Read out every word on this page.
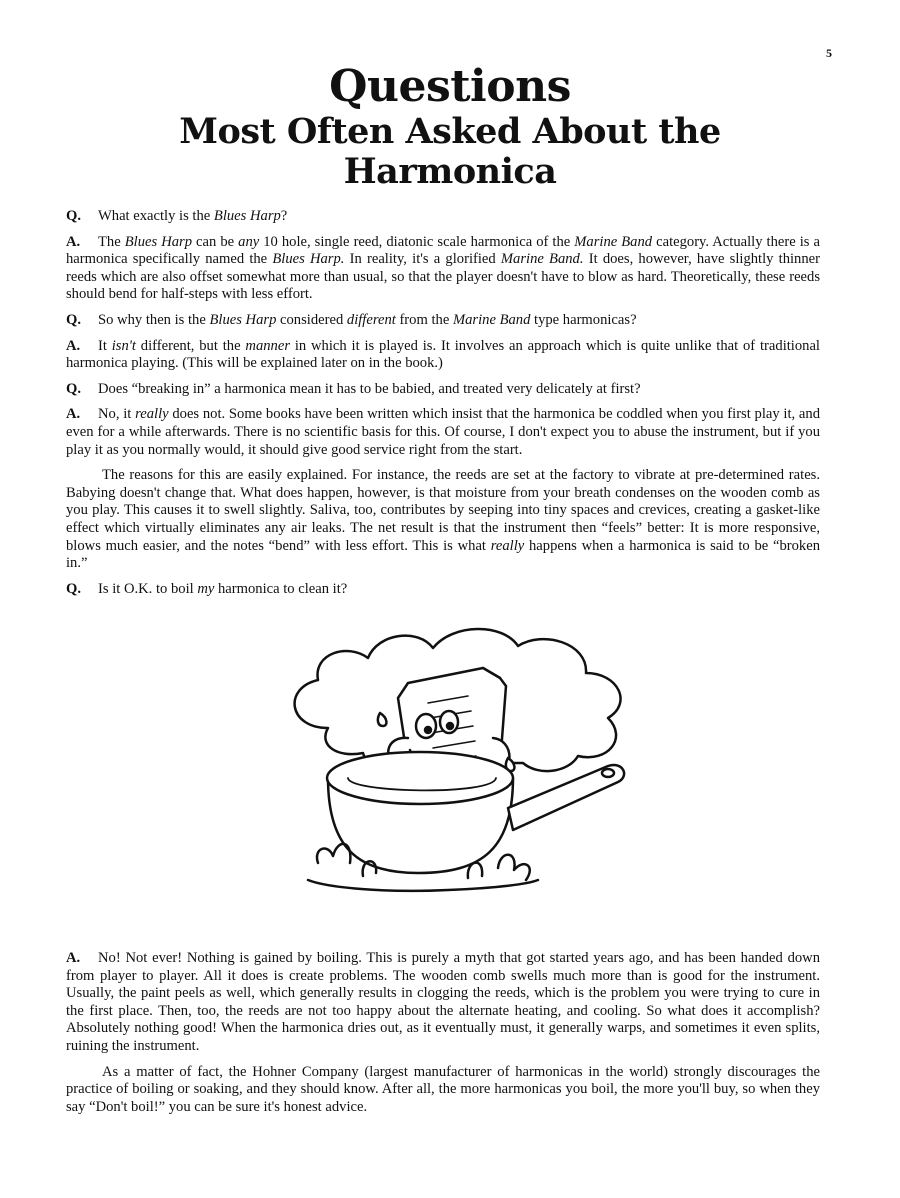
5
Questions
Most Often Asked About the
Harmonica

Q. What exactly is the Blues Harp?

A. The Blues Harp can be any 10 hole, single reed, diatonic scale harmonica of the Marine Band category. Actually there is a harmonica specifically named the Blues Harp. In reality, it's a glorified Marine Band. It does, however, have slightly thinner reeds which are also offset somewhat more than usual, so that the player doesn't have to blow as hard. Theoretically, these reeds should bend for half-steps with less effort.

Q. So why then is the Blues Harp considered different from the Marine Band type harmonicas?

A. It isn't different, but the manner in which it is played is. It involves an approach which is quite unlike that of traditional harmonica playing. (This will be explained later on in the book.)

Q. Does “breaking in” a harmonica mean it has to be babied, and treated very delicately at first?

A. No, it really does not. Some books have been written which insist that the harmonica be coddled when you first play it, and even for a while afterwards. There is no scientific basis for this. Of course, I don't expect you to abuse the instrument, but if you play it as you normally would, it should give good service right from the start.

The reasons for this are easily explained. For instance, the reeds are set at the factory to vibrate at pre-determined rates. Babying doesn't change that. What does happen, however, is that moisture from your breath condenses on the wooden comb as you play. This causes it to swell slightly. Saliva, too, contributes by seeping into tiny spaces and crevices, creating a gasket-like effect which virtually eliminates any air leaks. The net result is that the instrument then “feels” better: It is more responsive, blows much easier, and the notes “bend” with less effort. This is what really happens when a harmonica is said to be “broken in.”

Q. Is it O.K. to boil my harmonica to clean it?

A. No! Not ever! Nothing is gained by boiling. This is purely a myth that got started years ago, and has been handed down from player to player. All it does is create problems. The wooden comb swells much more than is good for the instrument. Usually, the paint peels as well, which generally results in clogging the reeds, which is the problem you were trying to cure in the first place. Then, too, the reeds are not too happy about the alternate heating, and cooling. So what does it accomplish? Absolutely nothing good! When the harmonica dries out, as it eventually must, it generally warps, and sometimes it even splits, ruining the instrument.

As a matter of fact, the Hohner Company (largest manufacturer of harmonicas in the world) strongly discourages the practice of boiling or soaking, and they should know. After all, the more harmonicas you boil, the more you'll buy, so when they say “Don't boil!” you can be sure it's honest advice.
